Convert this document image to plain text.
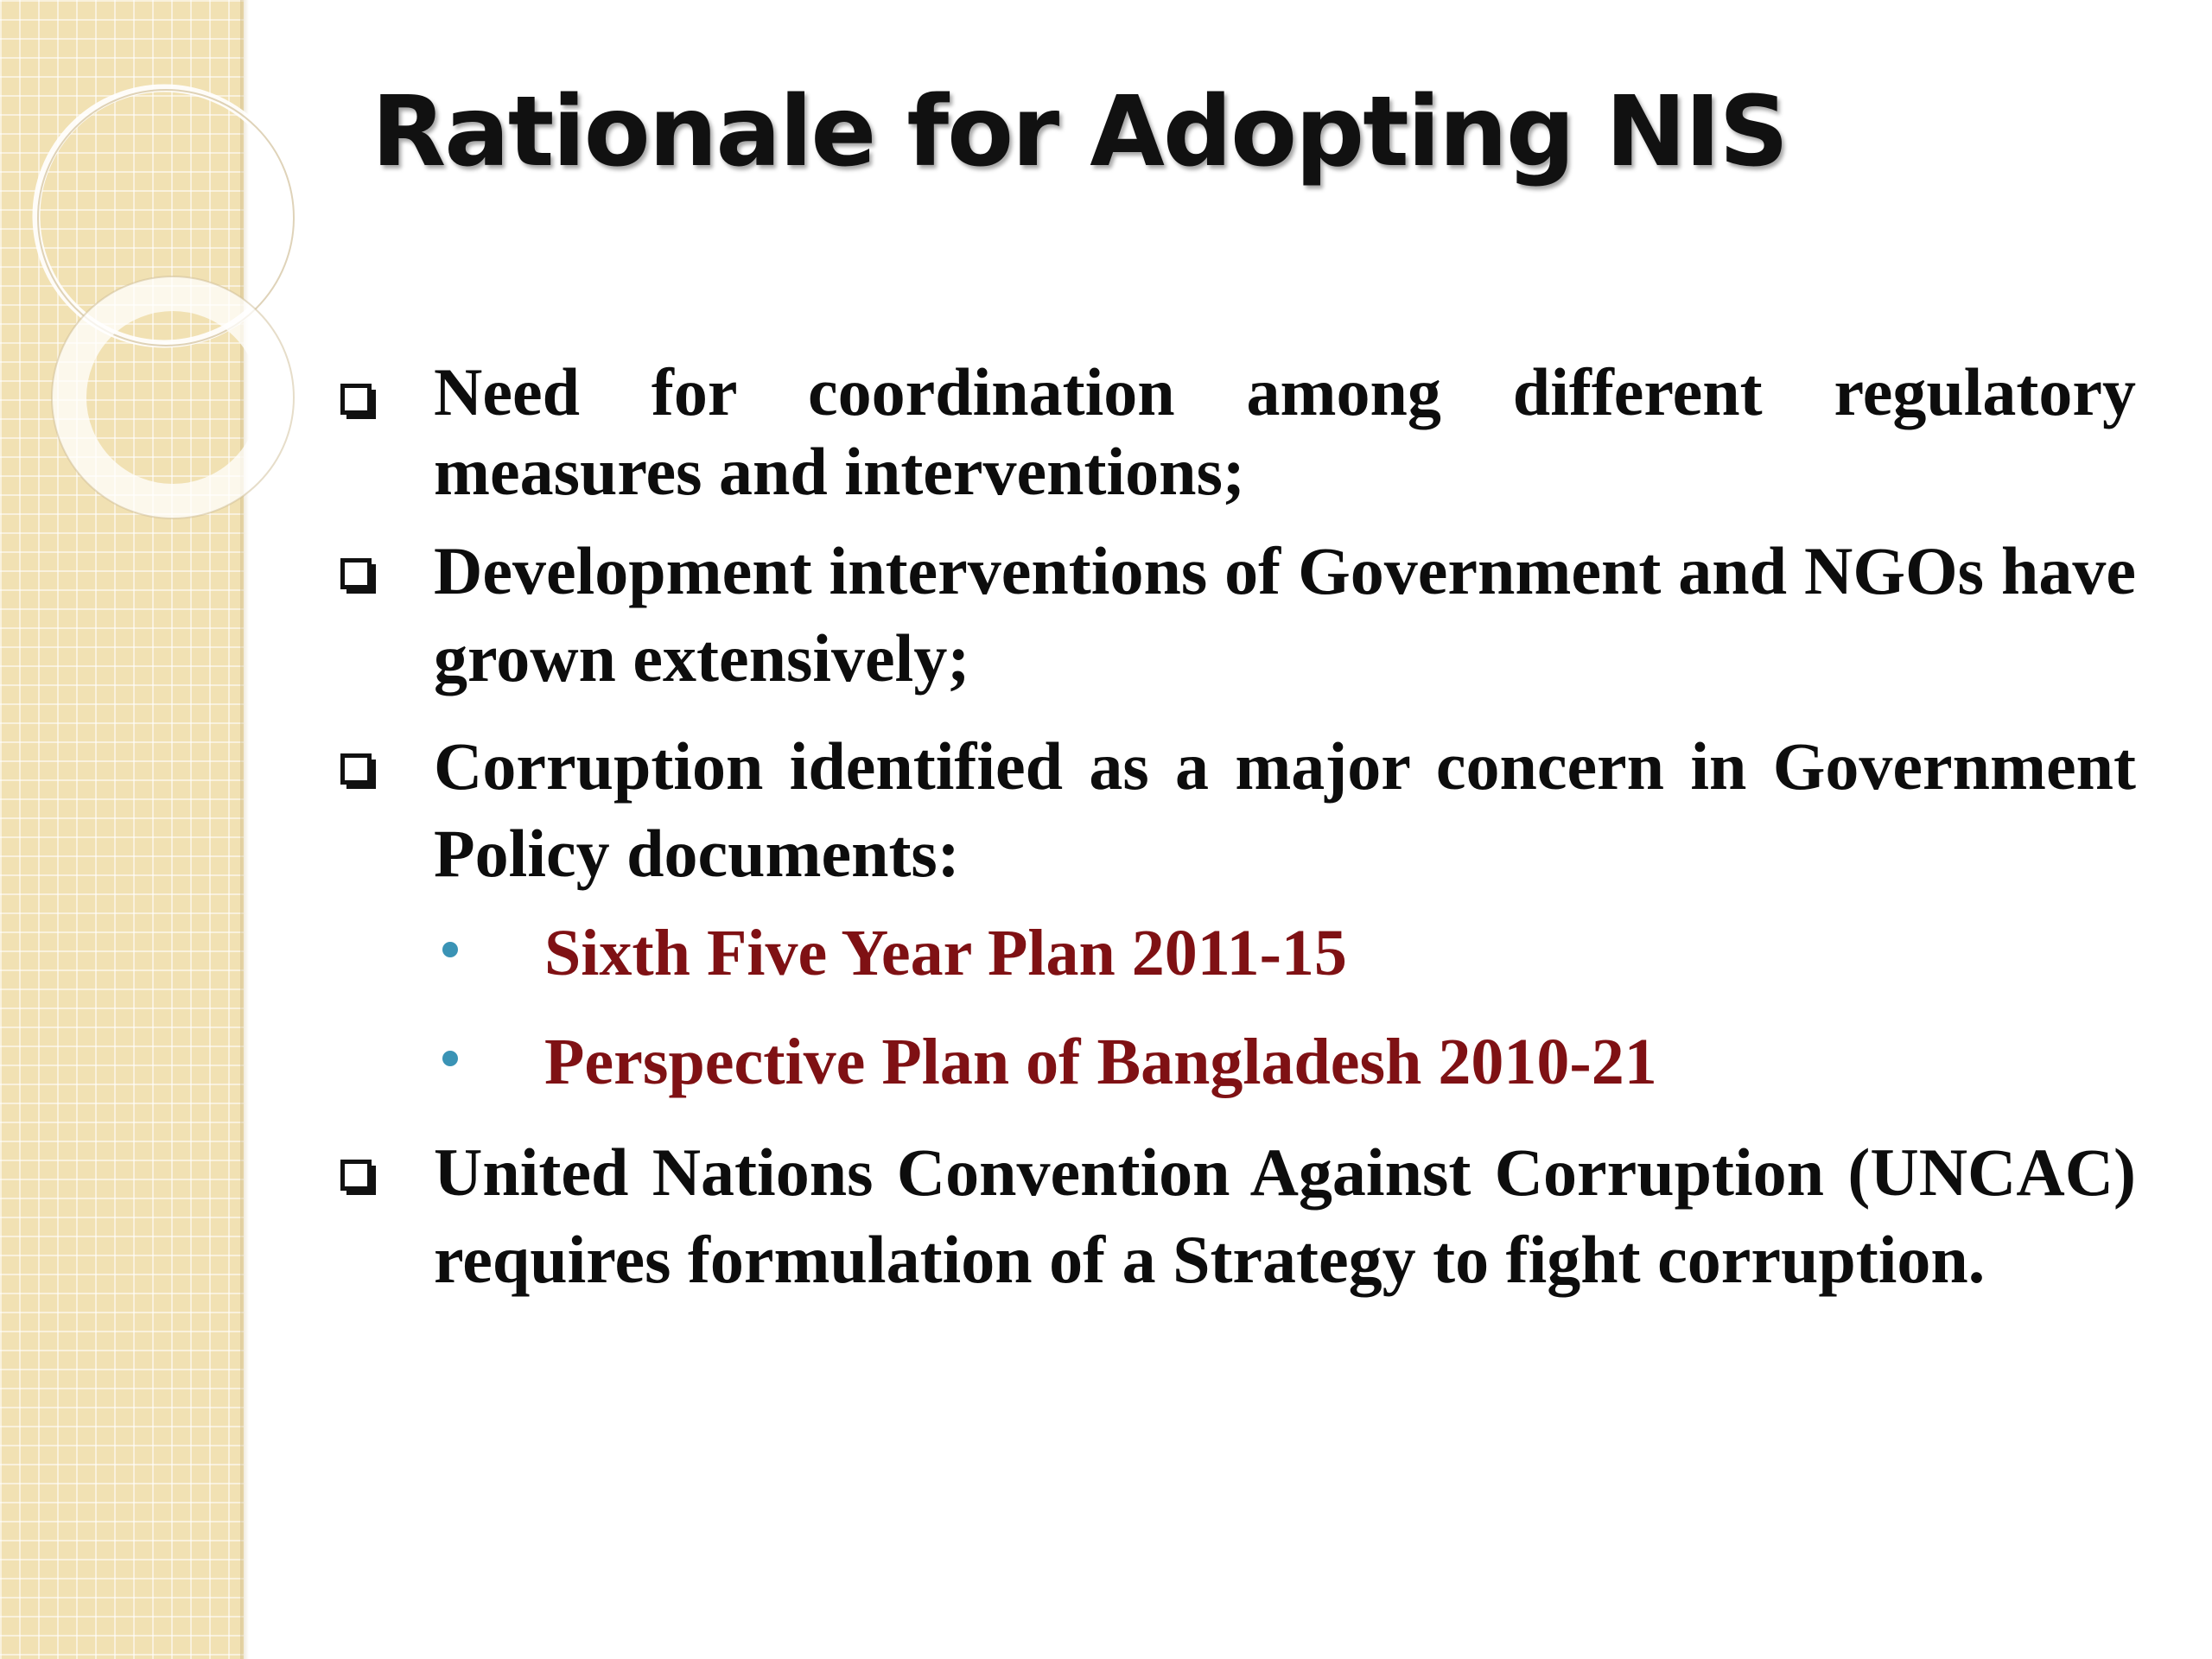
Rationale for Adopting NIS
Need for coordination among different regulatory measures and interventions;
Development interventions of Government and NGOs have grown extensively;
Corruption identified as a major concern in Government Policy documents:
Sixth Five Year Plan 2011-15
Perspective Plan of Bangladesh 2010-21
United Nations Convention Against Corruption (UNCAC) requires formulation of a Strategy to fight corruption.
